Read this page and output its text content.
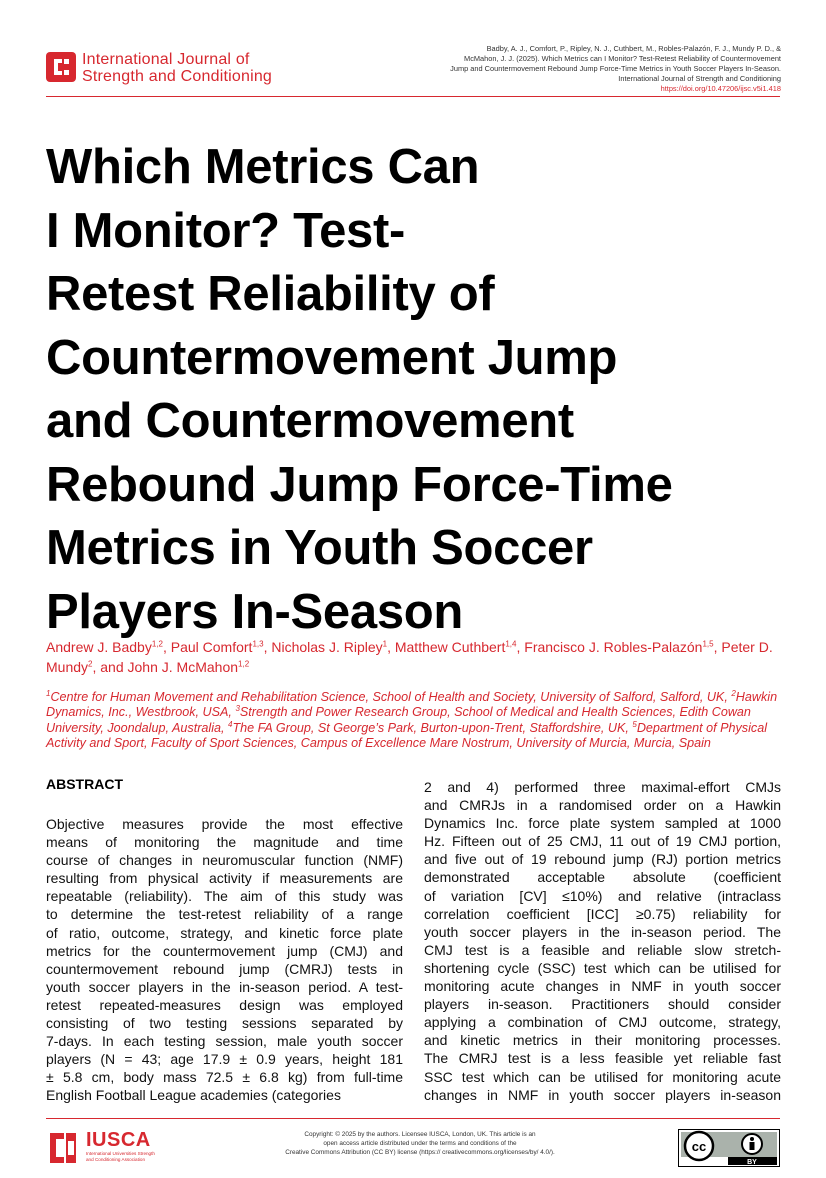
International Journal of
Strength and Conditioning
Badby, A. J., Comfort, P., Ripley, N. J., Cuthbert, M., Robles-Palazón, F. J., Mundy P. D., &
McMahon, J. J. (2025). Which Metrics can I Monitor? Test-Retest Reliability of Countermovement
Jump and Countermovement Rebound Jump Force-Time Metrics in Youth Soccer Players In-Season.
International Journal of Strength and Conditioning
https://doi.org/10.47206/ijsc.v5i1.418
Which Metrics Can
I Monitor? Test-
Retest Reliability of
Countermovement Jump
and Countermovement
Rebound Jump Force-Time
Metrics in Youth Soccer
Players In-Season
Andrew J. Badby$^{1,2}$, Paul Comfort$^{1,3}$, Nicholas J. Ripley$^1$, Matthew Cuthbert$^{1,4}$, Francisco J. Robles-Palazón$^{1,5}$, Peter D. Mundy$^2$, and John J. McMahon$^{1,2}$
$^1$Centre for Human Movement and Rehabilitation Science, School of Health and Society, University of Salford, Salford, UK, $^2$Hawkin Dynamics, Inc., Westbrook, USA, $^3$Strength and Power Research Group, School of Medical and Health Sciences, Edith Cowan University, Joondalup, Australia, $^4$The FA Group, St George’s Park, Burton-upon-Trent, Staffordshire, UK, $^5$Department of Physical Activity and Sport, Faculty of Sport Sciences, Campus of Excellence Mare Nostrum, University of Murcia, Murcia, Spain
ABSTRACT
Objective measures provide the most effective
means of monitoring the magnitude and time
course of changes in neuromuscular function (NMF)
resulting from physical activity if measurements are
repeatable (reliability). The aim of this study was
to determine the test-retest reliability of a range
of ratio, outcome, strategy, and kinetic force plate
metrics for the countermovement jump (CMJ) and
countermovement rebound jump (CMRJ) tests in
youth soccer players in the in-season period. A test-
retest repeated-measures design was employed
consisting of two testing sessions separated by
7-days. In each testing session, male youth soccer
players (N = 43; age 17.9 ± 0.9 years, height 181
± 5.8 cm, body mass 72.5 ± 6.8 kg) from full-time
English Football League academies (categories
2 and 4) performed three maximal-effort CMJs
and CMRJs in a randomised order on a Hawkin
Dynamics Inc. force plate system sampled at 1000
Hz. Fifteen out of 25 CMJ, 11 out of 19 CMJ portion,
and five out of 19 rebound jump (RJ) portion metrics
demonstrated acceptable absolute (coefficient
of variation [CV] ≤10%) and relative (intraclass
correlation coefficient [ICC] ≥0.75) reliability for
youth soccer players in the in-season period. The
CMJ test is a feasible and reliable slow stretch-
shortening cycle (SSC) test which can be utilised for
monitoring acute changes in NMF in youth soccer
players in-season. Practitioners should consider
applying a combination of CMJ outcome, strategy,
and kinetic metrics in their monitoring processes.
The CMRJ test is a less feasible yet reliable fast
SSC test which can be utilised for monitoring acute
changes in NMF in youth soccer players in-season
IUSCA
International Universities Strength
and Conditioning Association
Copyright: © 2025 by the authors. Licensee IUSCA, London, UK. This article is an
open access article distributed under the terms and conditions of the
Creative Commons Attribution (CC BY) license (https:// creativecommons.org/licenses/by/ 4.0/).	cc
BY
